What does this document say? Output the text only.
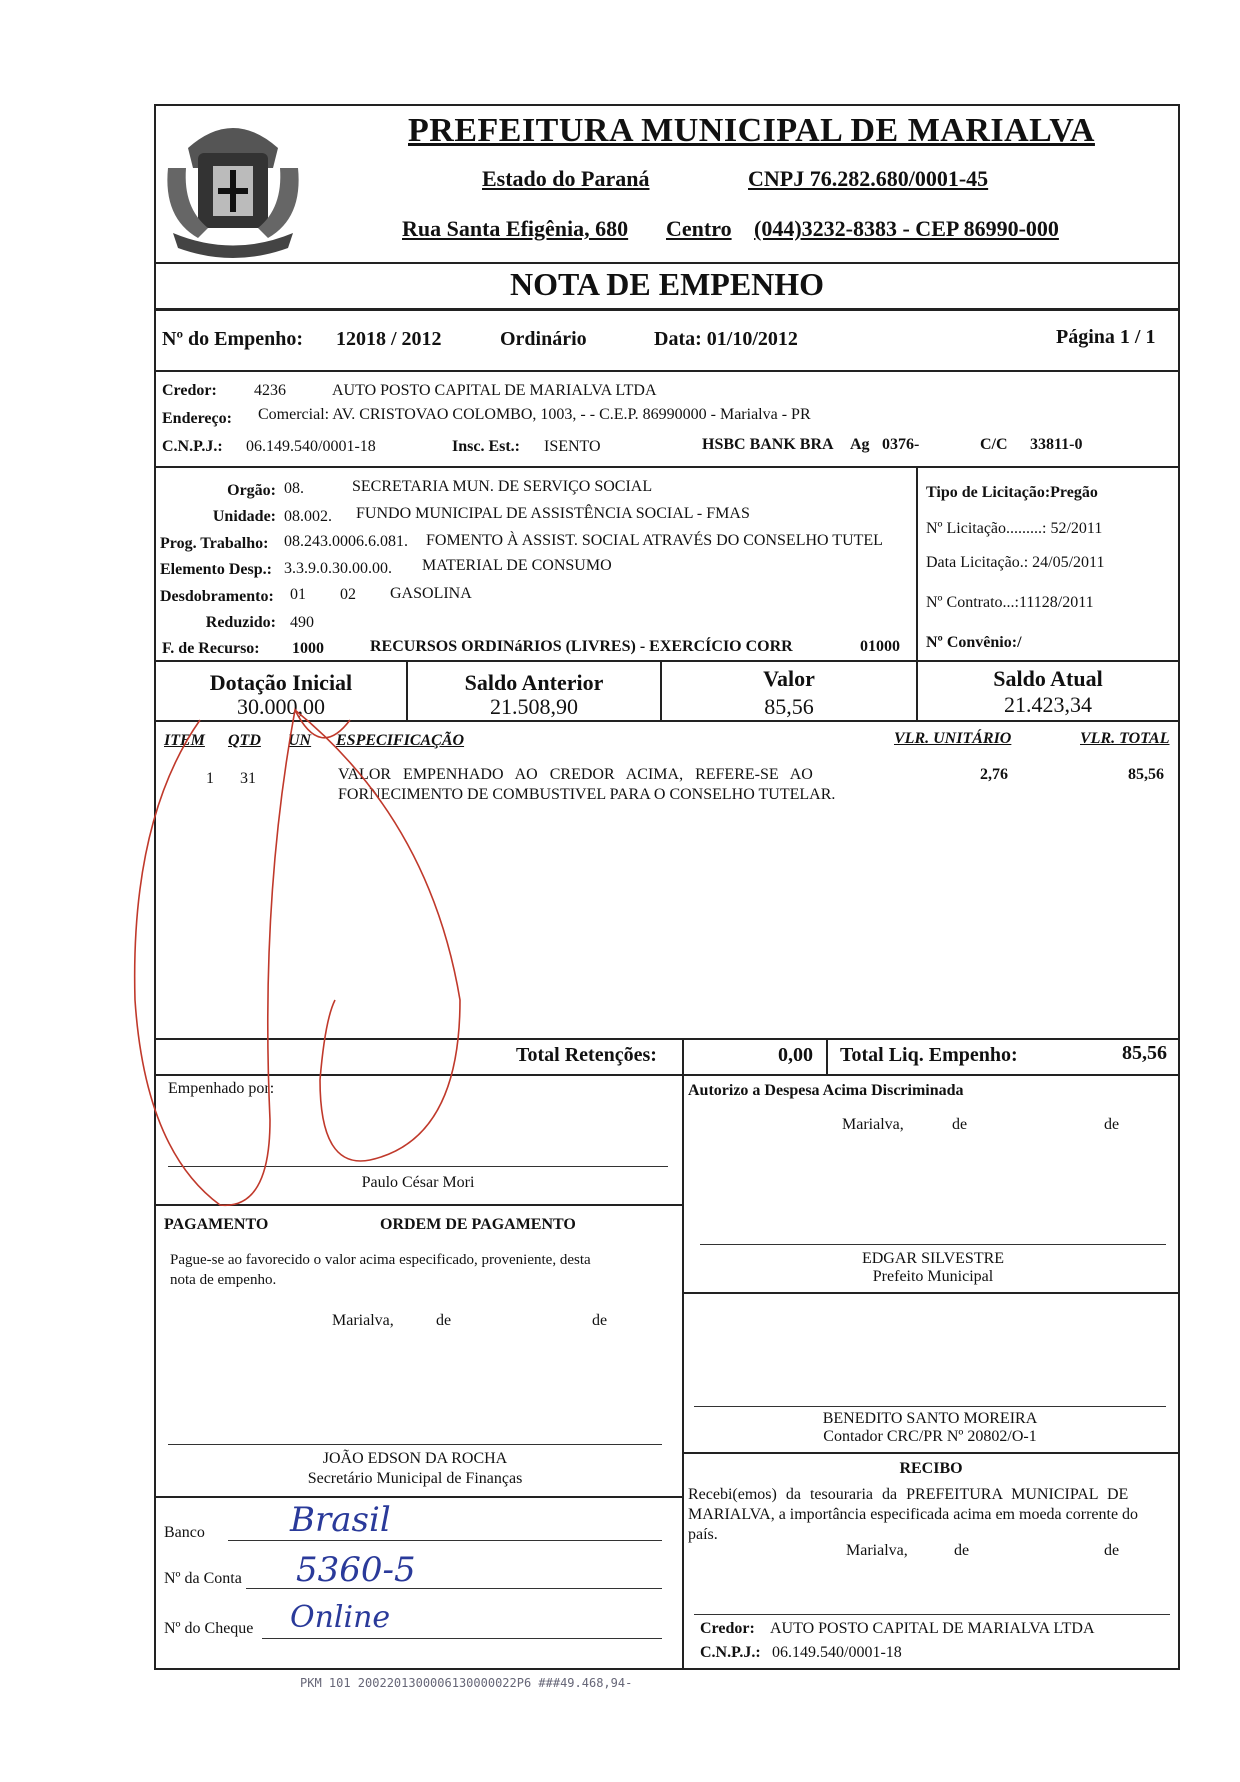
PREFEITURA MUNICIPAL DE MARIALVA
Estado do Paraná	CNPJ 76.282.680/0001-45
Rua Santa Efigênia, 680 Centro (044)3232-8383 - CEP 86990-000
NOTA DE EMPENHO
Nº do Empenho: 12018 / 2012	Ordinário	Data: 01/10/2012	Página 1 / 1
Credor: 4236	AUTO POSTO CAPITAL DE MARIALVA LTDA
Endereço: Comercial: AV. CRISTOVAO COLOMBO, 1003, - - C.E.P. 86990000 - Marialva - PR
C.N.P.J.: 06.149.540/0001-18	Insc. Est.: ISENTO	HSBC BANK BRA Ag 0376-	C/C 33811-0
Orgão: 08.	SECRETARIA MUN. DE SERVIÇO SOCIAL
Unidade: 08.002. FUNDO MUNICIPAL DE ASSISTÊNCIA SOCIAL - FMAS
Prog. Trabalho: 08.243.0006.6.081. FOMENTO À ASSIST. SOCIAL ATRAVÉS DO CONSELHO TUTEL
Elemento Desp.: 3.3.9.0.30.00.00. MATERIAL DE CONSUMO
Desdobramento: 01 02 GASOLINA
Reduzido: 490
F. de Recurso: 1000	RECURSOS ORDINáRIOS (LIVRES) - EXERCÍCIO CORR	01000
Tipo de Licitação:Pregão
Nº Licitação.........: 52/2011
Data Licitação.: 24/05/2011
Nº Contrato...:11128/2011
Nº Convênio:/
Dotação Inicial
30.000,00
Saldo Anterior
21.508,90
Valor
85,56
Saldo Atual
21.423,34
ITEM QTD UN ESPECIFICAÇÃO	VLR. UNITÁRIO	VLR. TOTAL
1 31	VALOR EMPENHADO AO CREDOR ACIMA, REFERE-SE AO
FORNECIMENTO DE COMBUSTIVEL PARA O CONSELHO TUTELAR.
2,76	85,56
Total Retenções:	0,00 Total Liq. Empenho:	85,56
Empenhado por:
Paulo César Mori
PAGAMENTO	ORDEM DE PAGAMENTO
Pague-se ao favorecido o valor acima especificado, proveniente, desta
nota de empenho.
Marialva,	de	de
JOÃO EDSON DA ROCHA
Secretário Municipal de Finanças
Banco	Brasil
Nº da Conta 5360-5
Nº do Cheque Online
Autorizo a Despesa Acima Discriminada
Marialva,	de	de
EDGAR SILVESTRE
Prefeito Municipal
BENEDITO SANTO MOREIRA
Contador CRC/PR Nº 20802/O-1
RECIBO
Recebi(emos) da tesouraria da PREFEITURA MUNICIPAL DE
MARIALVA, a importância especificada acima em moeda corrente do
país.
Marialva,	de	de
Credor: AUTO POSTO CAPITAL DE MARIALVA LTDA
C.N.P.J.: 06.149.540/0001-18
PKM 101 2002201300006130000022P6 ###49.468,94-
